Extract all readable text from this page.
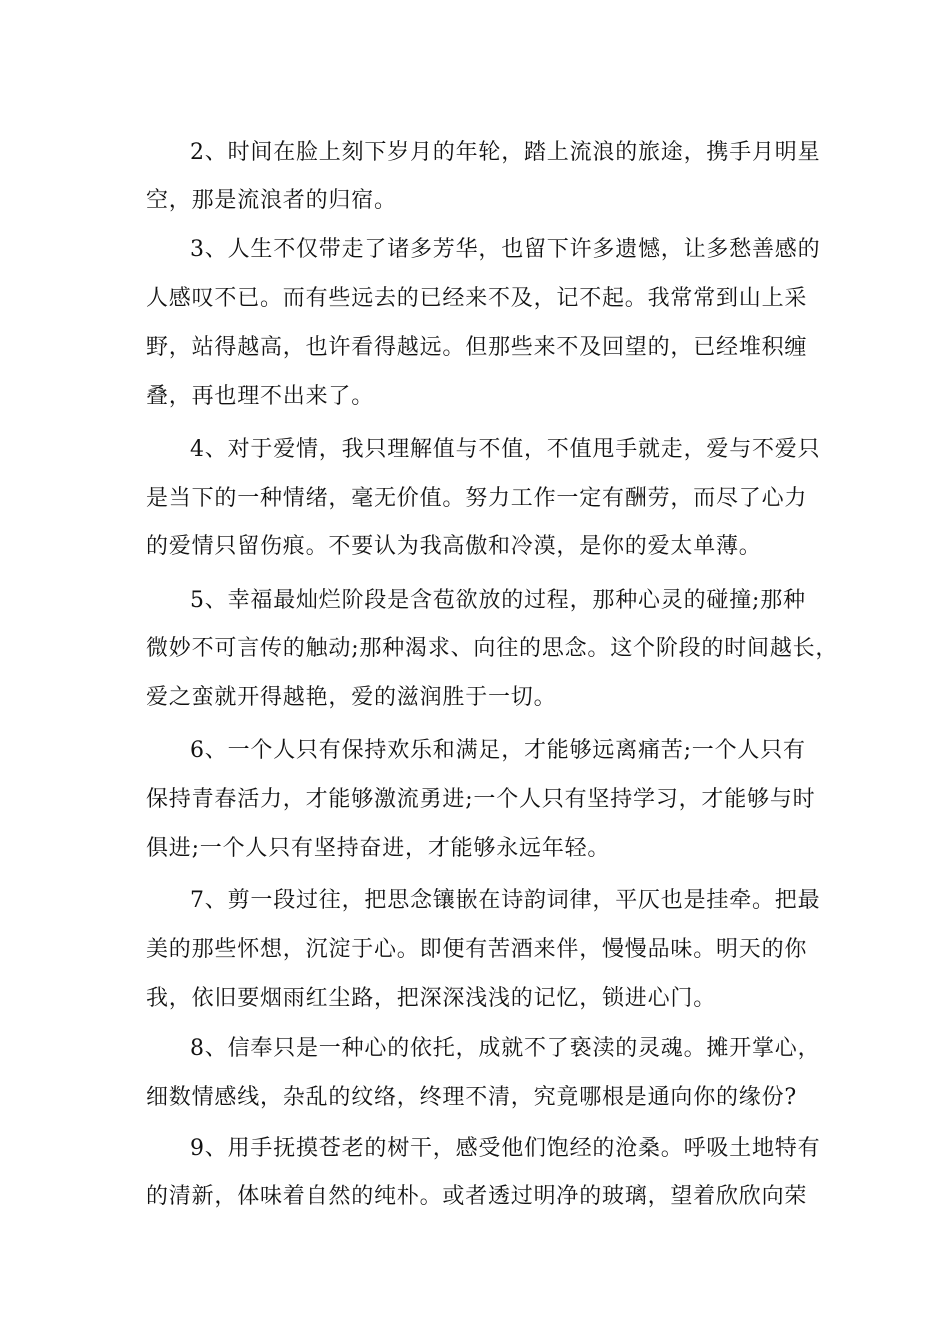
2、时间在脸上刻下岁月的年轮，踏上流浪的旅途，携手月明星
空，那是流浪者的归宿。
3、人生不仅带走了诸多芳华，也留下许多遗憾，让多愁善感的
人感叹不已。而有些远去的已经来不及，记不起。我常常到山上采
野，站得越高，也许看得越远。但那些来不及回望的，已经堆积缠
叠，再也理不出来了。
4、对于爱情，我只理解值与不值，不值甩手就走，爱与不爱只
是当下的一种情绪，毫无价值。努力工作一定有酬劳，而尽了心力
的爱情只留伤痕。不要认为我高傲和冷漠，是你的爱太单薄。
5、幸福最灿烂阶段是含苞欲放的过程，那种心灵的碰撞;那种
微妙不可言传的触动;那种渴求、向往的思念。这个阶段的时间越长，
爱之蛮就开得越艳，爱的滋润胜于一切。
6、一个人只有保持欢乐和满足，才能够远离痛苦;一个人只有
保持青春活力，才能够激流勇进;一个人只有坚持学习，才能够与时
俱进;一个人只有坚持奋进，才能够永远年轻。
7、剪一段过往，把思念镶嵌在诗韵词律，平仄也是挂牵。把最
美的那些怀想，沉淀于心。即便有苦酒来伴，慢慢品味。明天的你
我，依旧要烟雨红尘路，把深深浅浅的记忆，锁进心门。
8、信奉只是一种心的依托，成就不了亵渎的灵魂。摊开掌心，
细数情感线，杂乱的纹络，终理不清，究竟哪根是通向你的缘份?
9、用手抚摸苍老的树干，感受他们饱经的沧桑。呼吸土地特有
的清新，体味着自然的纯朴。或者透过明净的玻璃，望着欣欣向荣
